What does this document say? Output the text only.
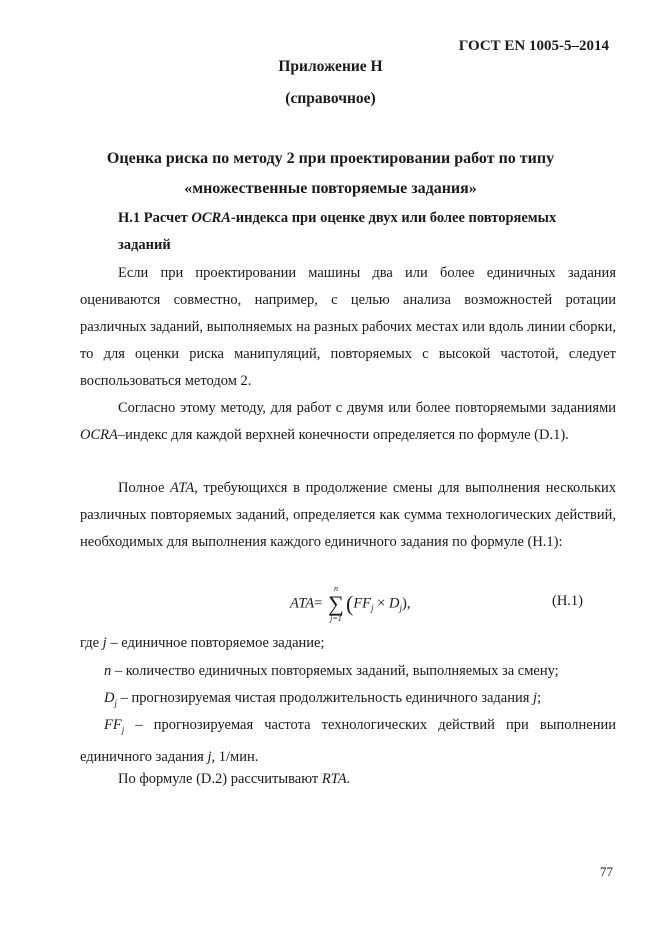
ГОСТ EN 1005-5–2014
Приложение Н
(справочное)
Оценка риска по методу 2 при проектировании работ по типу
«множественные повторяемые задания»
Н.1 Расчет OCRA-индекса при оценке двух или более повторяемых
заданий
Если при проектировании машины два или более единичных задания оцениваются совместно, например, с целью анализа возможностей ротации различных заданий, выполняемых на разных рабочих местах или вдоль линии сборки, то для оценки риска манипуляций, повторяемых с высокой частотой, следует воспользоваться методом 2.
Согласно этому методу, для работ с двумя или более повторяемыми заданиями OCRA–индекс для каждой верхней конечности определяется по формуле (D.1).
Полное ATA, требующихся в продолжение смены для выполнения нескольких различных повторяемых заданий, определяется как сумма технологических действий, необходимых для выполнения каждого единичного задания по формуле (Н.1):
ATA=
n
∑
j=1
$(FF_j \times D_j)$,	(Н.1)
где j – единичное повторяемое задание;
n – количество единичных повторяемых заданий, выполняемых за смену;
$D_j$ – прогнозируемая чистая продолжительность единичного задания j;
$FF_j$ – прогнозируемая частота технологических действий при выполнении единичного задания j, 1/мин.
По формуле (D.2) рассчитывают RTA.
77
